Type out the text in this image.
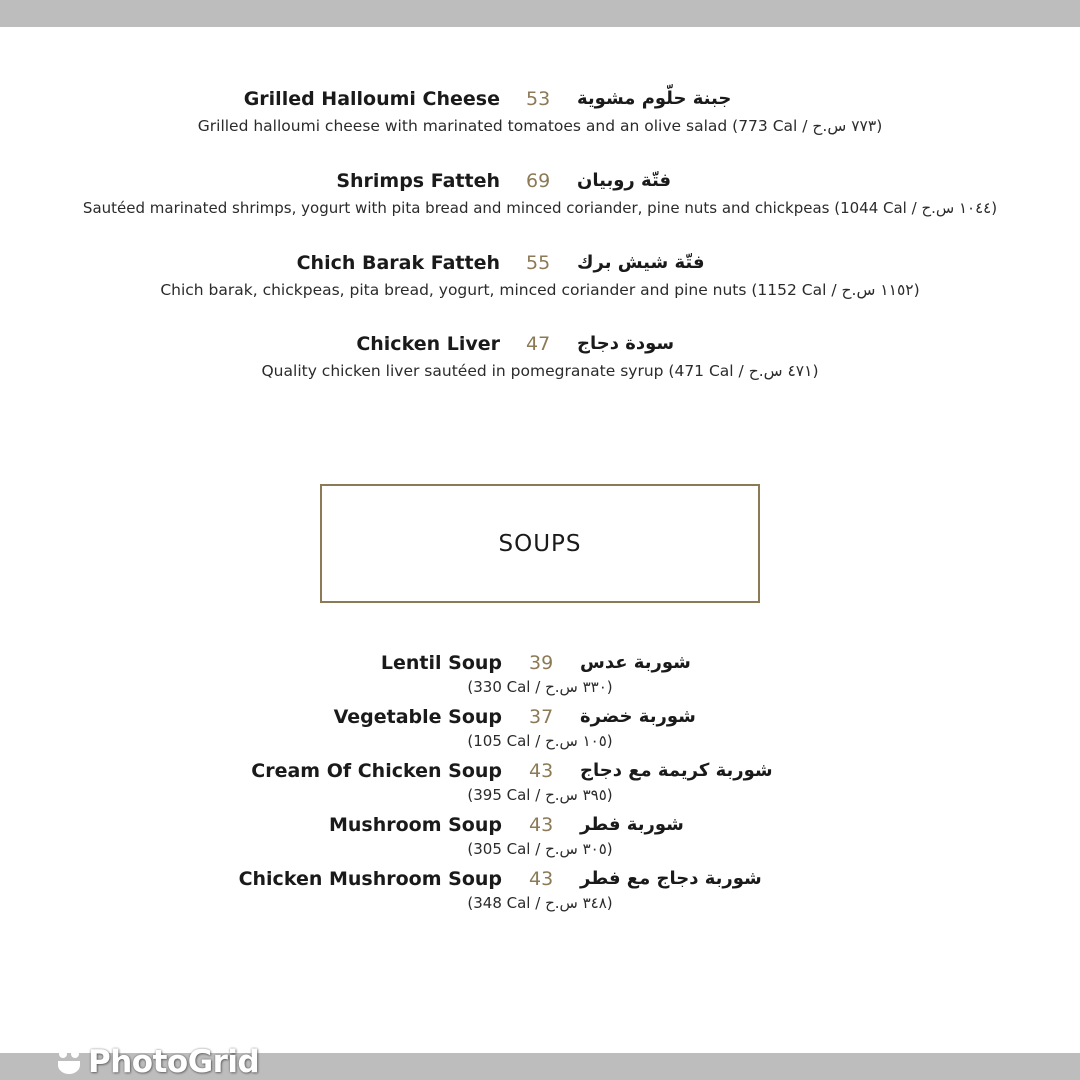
Grilled Halloumi Cheese 53	جبنة حلّوم مشوية
Grilled halloumi cheese with marinated tomatoes and an olive salad (773 Cal / ٧٧٣ س.ح)
Shrimps Fatteh 69	فتّة روبيان
Sautéed marinated shrimps, yogurt with pita bread and minced coriander, pine nuts and chickpeas (1044 Cal / ١٠٤٤ س.ح)
Chich Barak Fatteh 55	فتّة شيش برك
Chich barak, chickpeas, pita bread, yogurt, minced coriander and pine nuts (1152 Cal / ١١٥٢ س.ح)
Chicken Liver 47	سودة دجاج
Quality chicken liver sautéed in pomegranate syrup (471 Cal / ٤٧١ س.ح)
SOUPS
Lentil Soup 39	شوربة عدس
(330 Cal / ٣٣٠ س.ح)
Vegetable Soup 37	شوربة خضرة
(105 Cal / ١٠٥ س.ح)
Cream Of Chicken Soup 43	شوربة كريمة مع دجاج
(395 Cal / ٣٩٥ س.ح)
Mushroom Soup 43	شوربة فطر
(305 Cal / ٣٠٥ س.ح)
Chicken Mushroom Soup 43	شوربة دجاج مع فطر
(348 Cal / ٣٤٨ س.ح)
PhotoGrid
